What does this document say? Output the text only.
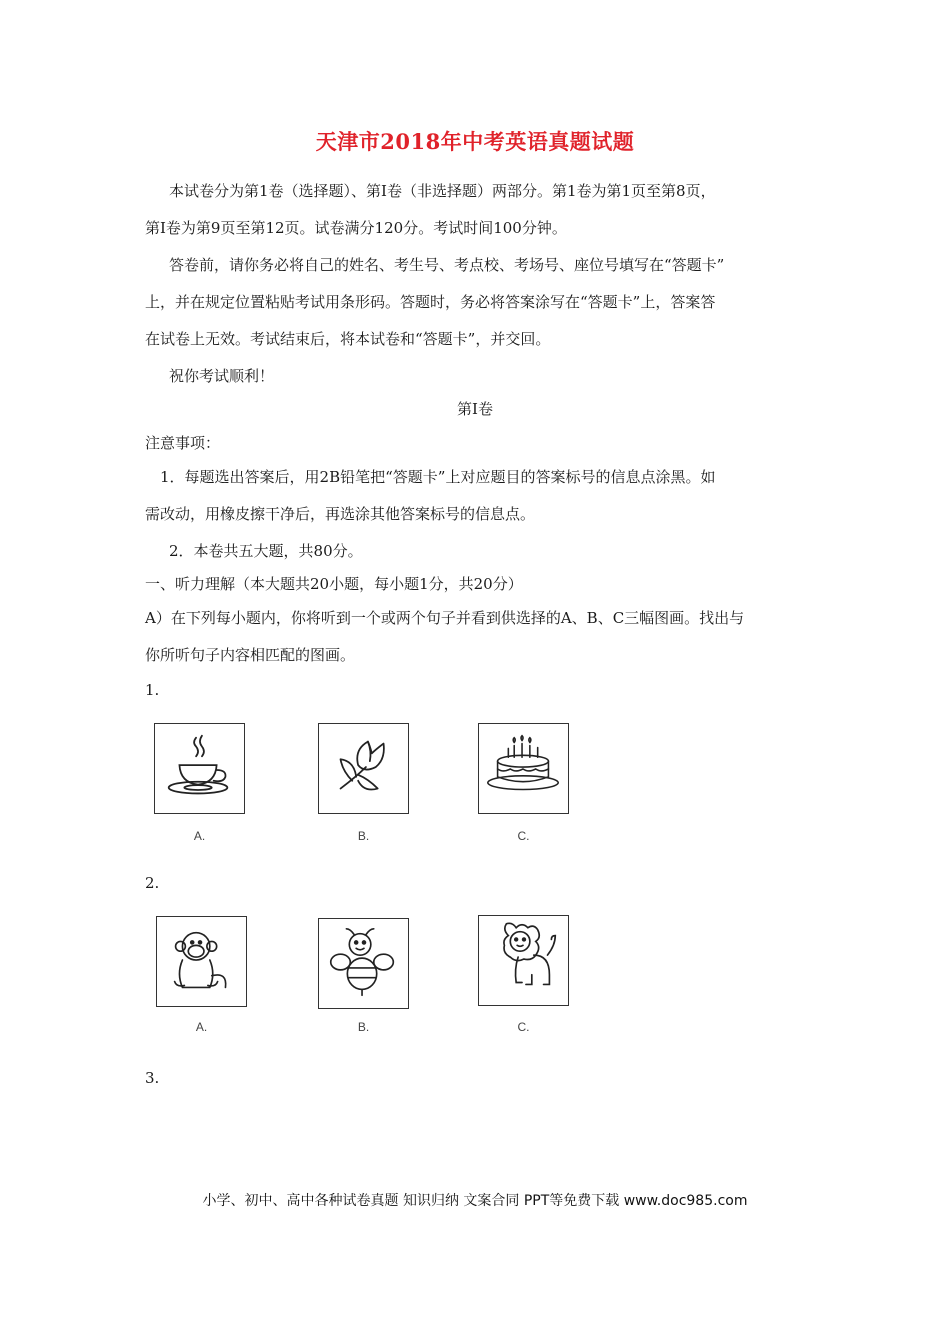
天津市2018年中考英语真题试题
本试卷分为第1卷（选择题）、第Ⅰ卷（非选择题）两部分。第1卷为第1页至第8页，
第Ⅰ卷为第9页至第12页。试卷满分120分。考试时间100分钟。
答卷前，请你务必将自己的姓名、考生号、考点校、考场号、座位号填写在“答题卡”
上，并在规定位置粘贴考试用条形码。答题时，务必将答案涂写在“答题卡”上，答案答
在试卷上无效。考试结束后，将本试卷和“答题卡”，并交回。
祝你考试顺利！
第Ⅰ卷
注意事项：
1．每题选出答案后，用2B铅笔把“答题卡”上对应题目的答案标号的信息点涂黑。如
需改动，用橡皮擦干净后，再选涂其他答案标号的信息点。
2．本卷共五大题，共80分。
一、听力理解（本大题共20小题，每小题1分，共20分）
A）在下列每小题内，你将听到一个或两个句子并看到供选择的A、B、C三幅图画。找出与
你所听句子内容相匹配的图画。
1.
A.	B.	C.
2.
A.	B.	C.
3.
小学、初中、高中各种试卷真题 知识归纳 文案合同 PPT等免费下载 www.doc985.com
